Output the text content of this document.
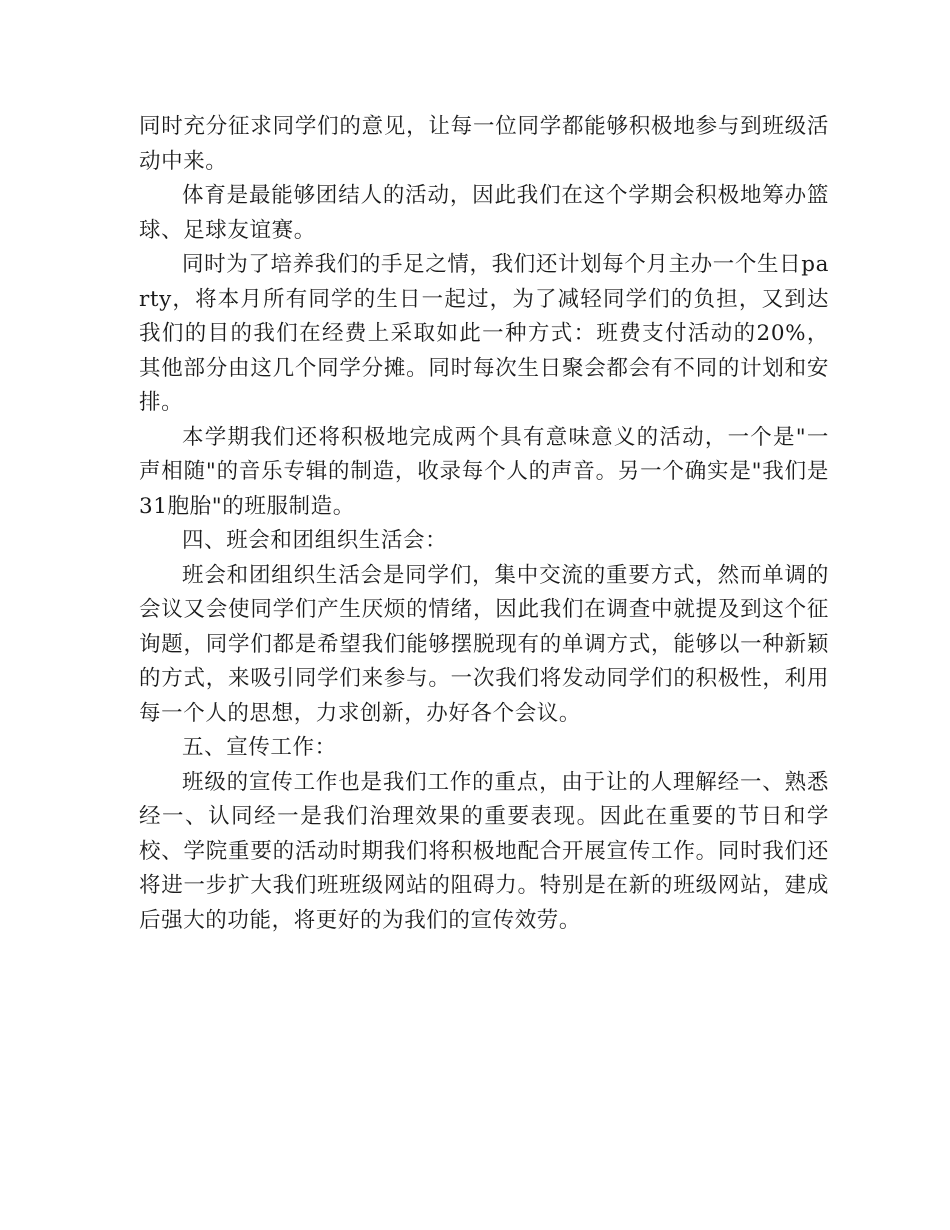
同时充分征求同学们的意见，让每一位同学都能够积极地参与到班级活动中来。

体育是最能够团结人的活动，因此我们在这个学期会积极地筹办篮球、足球友谊赛。

同时为了培养我们的手足之情，我们还计划每个月主办一个生日party，将本月所有同学的生日一起过，为了减轻同学们的负担，又到达我们的目的我们在经费上采取如此一种方式：班费支付活动的20%，其他部分由这几个同学分摊。同时每次生日聚会都会有不同的计划和安排。

本学期我们还将积极地完成两个具有意味意义的活动，一个是"一声相随"的音乐专辑的制造，收录每个人的声音。另一个确实是"我们是31胞胎"的班服制造。

四、班会和团组织生活会：

班会和团组织生活会是同学们，集中交流的重要方式，然而单调的会议又会使同学们产生厌烦的情绪，因此我们在调查中就提及到这个征询题，同学们都是希望我们能够摆脱现有的单调方式，能够以一种新颖的方式，来吸引同学们来参与。一次我们将发动同学们的积极性，利用每一个人的思想，力求创新，办好各个会议。

五、宣传工作：

班级的宣传工作也是我们工作的重点，由于让的人理解经一、熟悉经一、认同经一是我们治理效果的重要表现。因此在重要的节日和学校、学院重要的活动时期我们将积极地配合开展宣传工作。同时我们还将进一步扩大我们班班级网站的阻碍力。特别是在新的班级网站，建成后强大的功能，将更好的为我们的宣传效劳。
